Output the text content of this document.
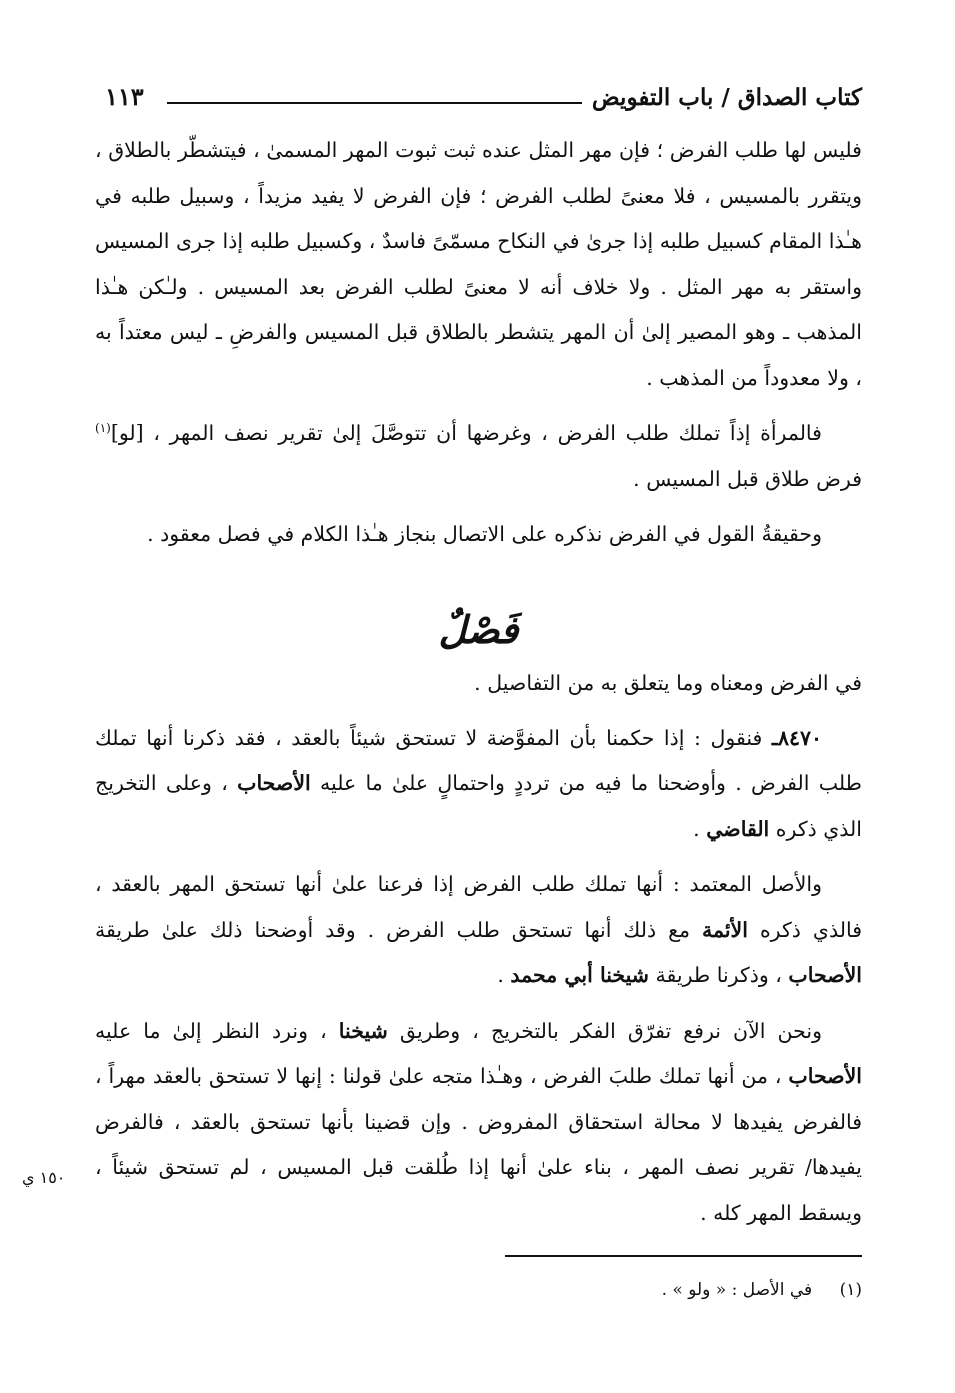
كتاب الصداق / باب التفويض
١١٣

فليس لها طلب الفرض ؛ فإن مهر المثل عنده ثبت ثبوت المهر المسمىٰ ، فيتشطّر بالطلاق ، ويتقرر بالمسيس ، فلا معنىً لطلب الفرض ؛ فإن الفرض لا يفيد مزيداً ، وسبيل طلبه في هـٰذا المقام كسبيل طلبه إذا جرىٰ في النكاح مسمّىً فاسدٌ ، وكسبيل طلبه إذا جرى المسيس واستقر به مهر المثل . ولا خلاف أنه لا معنىً لطلب الفرض بعد المسيس . ولـٰكن هـٰذا المذهب ـ وهو المصير إلىٰ أن المهر يتشطر بالطلاق قبل المسيس والفرضِ ـ ليس معتداً به ، ولا معدوداً من المذهب .

فالمرأة إذاً تملك طلب الفرض ، وغرضها أن تتوصَّلَ إلىٰ تقرير نصف المهر ، [لو]$^{(١)}$ فرض طلاق قبل المسيس .

وحقيقةُ القول في الفرض نذكره على الاتصال بنجاز هـٰذا الكلام في فصل معقود .

فَصْلٌ

في الفرض ومعناه وما يتعلق به من التفاصيل .

٨٤٧٠ـ فنقول : إذا حكمنا بأن المفوَّضة لا تستحق شيئاً بالعقد ، فقد ذكرنا أنها تملك طلب الفرض . وأوضحنا ما فيه من ترددٍ واحتمالٍ علىٰ ما عليه الأصحاب ، وعلى التخريج الذي ذكره القاضي .

والأصل المعتمد : أنها تملك طلب الفرض إذا فرعنا علىٰ أنها تستحق المهر بالعقد ، فالذي ذكره الأئمة مع ذلك أنها تستحق طلب الفرض . وقد أوضحنا ذلك علىٰ طريقة الأصحاب ، وذكرنا طريقة شيخنا أبي محمد .

ونحن الآن نرفع تفرّق الفكر بالتخريج ، وطريق شيخنا ، ونرد النظر إلىٰ ما عليه الأصحاب ، من أنها تملك طلبَ الفرض ، وهـٰذا متجه علىٰ قولنا : إنها لا تستحق بالعقد مهراً ، فالفرض يفيدها لا محالة استحقاق المفروض . وإن قضينا بأنها تستحق بالعقد ، فالفرض يفيدها/ تقرير نصف المهر ، بناء علىٰ أنها إذا طُلقت قبل المسيس ، لم تستحق شيئاً ، ويسقط المهر كله .

١٥٠ ي
(١) في الأصل : « ولو » .
